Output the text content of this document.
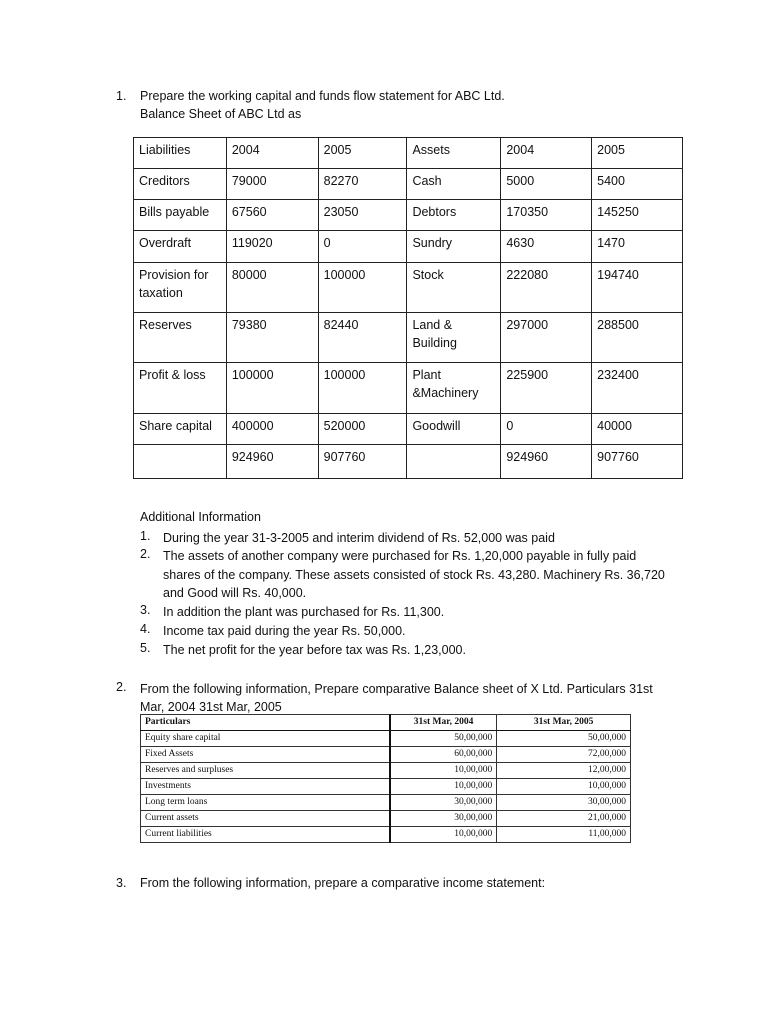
1. Prepare the working capital and funds flow statement for ABC Ltd.
Balance Sheet of ABC Ltd as
Liabilities	2004	2005	Assets	2004	2005
Creditors	79000	82270	Cash	5000	5400
Bills payable	67560	23050	Debtors	170350	145250
Overdraft	119020	0	Sundry	4630	1470
Provision for taxation	80000	100000	Stock	222080	194740
Reserves	79380	82440	Land & Building	297000	288500
Profit & loss	100000	100000	Plant &Machinery	225900	232400
Share capital	400000	520000	Goodwill	0	40000
	924960	907760		924960	907760
Additional Information
1. During the year 31-3-2005 and interim dividend of Rs. 52,000 was paid
2. The assets of another company were purchased for Rs. 1,20,000 payable in fully paid shares of the company. These assets consisted of stock Rs. 43,280. Machinery Rs. 36,720 and Good will Rs. 40,000.
3. In addition the plant was purchased for Rs. 11,300.
4. Income tax paid during the year Rs. 50,000.
5. The net profit for the year before tax was Rs. 1,23,000.
2. From the following information, Prepare comparative Balance sheet of X Ltd. Particulars 31st Mar, 2004 31st Mar, 2005
Particulars	31st Mar, 2004	31st Mar, 2005
Equity share capital	50,00,000	50,00,000
Fixed Assets	60,00,000	72,00,000
Reserves and surpluses	10,00,000	12,00,000
Investments	10,00,000	10,00,000
Long term loans	30,00,000	30,00,000
Current assets	30,00,000	21,00,000
Current liabilities	10,00,000	11,00,000
3. From the following information, prepare a comparative income statement:
